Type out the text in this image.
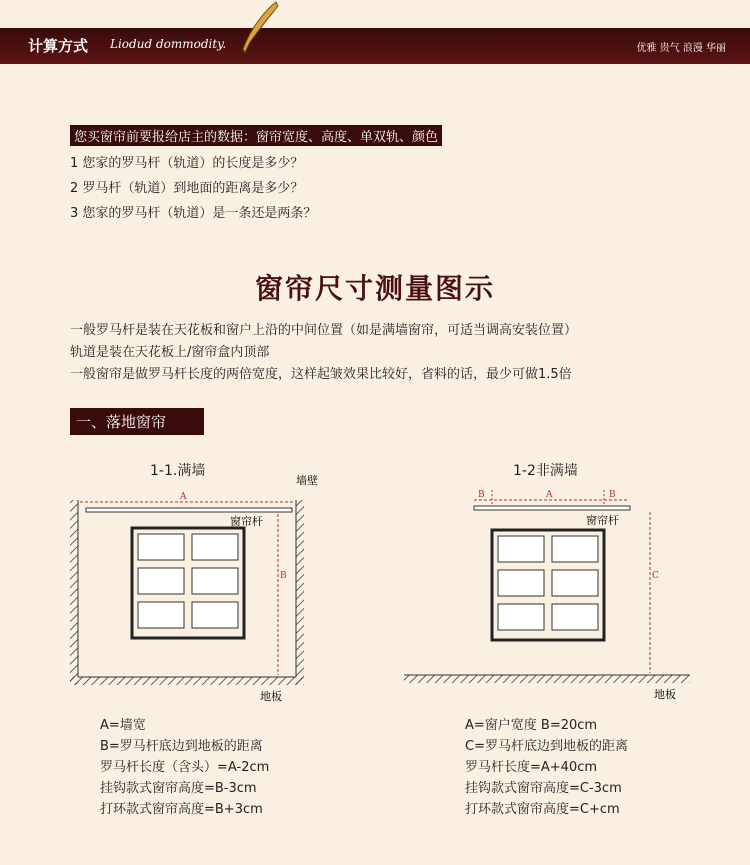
计算方式 Liodud dommodity.	优雅 贵气 浪漫 华丽
您买窗帘前要报给店主的数据：窗帘宽度、高度、单双轨、颜色
1 您家的罗马杆（轨道）的长度是多少？
2 罗马杆（轨道）到地面的距离是多少？
3 您家的罗马杆（轨道）是一条还是两条？
窗帘尺寸测量图示
一般罗马杆是装在天花板和窗户上沿的中间位置（如是满墙窗帘，可适当调高安装位置）
轨道是装在天花板上/窗帘盒内顶部
一般窗帘是做罗马杆长度的两倍宽度，这样起皱效果比较好，省料的话，最少可做1.5倍
一、落地窗帘
1-1.满墙
A
窗帘杆
B
墙壁
地板
A=墙宽
B=罗马杆底边到地板的距离
罗马杆长度（含头）=A-2cm
挂钩款式窗帘高度=B-3cm
打环款式窗帘高度=B+3cm
1-2非满墙
A
B	B
窗帘杆
C
地板
A=窗户宽度 B=20cm
C=罗马杆底边到地板的距离
罗马杆长度=A+40cm
挂钩款式窗帘高度=C-3cm
打环款式窗帘高度=C+cm
